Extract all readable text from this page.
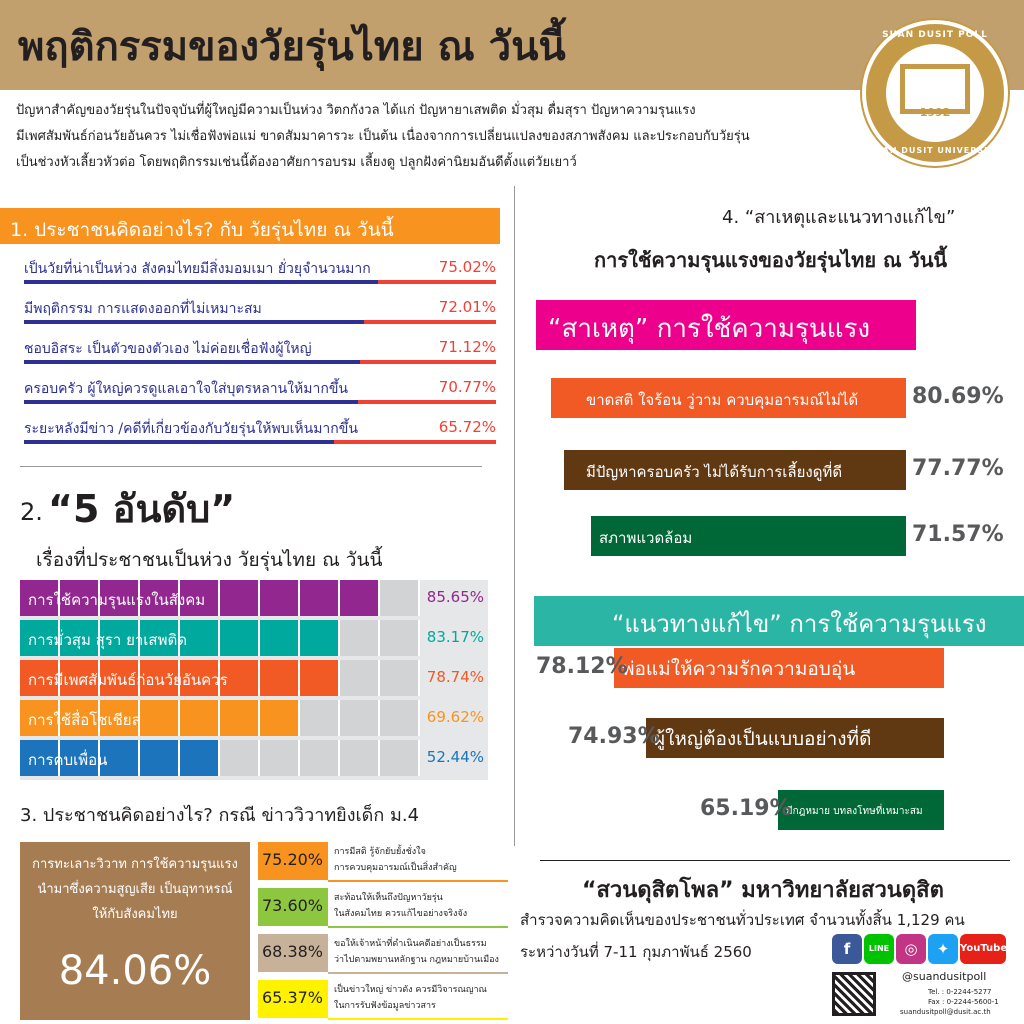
พฤติกรรมของวัยรุ่นไทย ณ วันนี้	SUAN DUSIT POLL
1992
SUAN DUSIT UNIVERSITY
ปัญหาสำคัญของวัยรุ่นในปัจจุบันที่ผู้ใหญ่มีความเป็นห่วง วิตกกังวล ได้แก่ ปัญหายาเสพติด มั่วสุม ดื่มสุรา ปัญหาความรุนแรง
มีเพศสัมพันธ์ก่อนวัยอันควร ไม่เชื่อฟังพ่อแม่ ขาดสัมมาคารวะ เป็นต้น เนื่องจากการเปลี่ยนแปลงของสภาพสังคม และประกอบกับวัยรุ่น
เป็นช่วงหัวเลี้ยวหัวต่อ โดยพฤติกรรมเช่นนี้ต้องอาศัยการอบรม เลี้ยงดู ปลูกฝังค่านิยมอันดีตั้งแต่วัยเยาว์
1. ประชาชนคิดอย่างไร? กับ วัยรุ่นไทย ณ วันนี้
เป็นวัยที่น่าเป็นห่วง สังคมไทยมีสิ่งมอมเมา ยั่วยุจำนวนมาก	75.02%
มีพฤติกรรม การแสดงออกที่ไม่เหมาะสม	72.01%
ชอบอิสระ เป็นตัวของตัวเอง ไม่ค่อยเชื่อฟังผู้ใหญ่	71.12%
ครอบครัว ผู้ใหญ่ควรดูแลเอาใจใส่บุตรหลานให้มากขึ้น	70.77%
ระยะหลังมีข่าว /คดีที่เกี่ยวข้องกับวัยรุ่นให้พบเห็นมากขึ้น	65.72%
2. “5 อันดับ”
เรื่องที่ประชาชนเป็นห่วง วัยรุ่นไทย ณ วันนี้
การใช้ความรุนแรงในสังคม	85.65%
การมั่วสุม สุรา ยาเสพติด	83.17%
การมีเพศสัมพันธ์ก่อนวัยอันควร	78.74%
การใช้สื่อโซเชียล	69.62%
การคบเพื่อน	52.44%
3. ประชาชนคิดอย่างไร? กรณี ข่าววิวาทยิงเด็ก ม.4
การทะเลาะวิวาท การใช้ความรุนแรง
นำมาซึ่งความสูญเสีย เป็นอุทาหรณ์
ให้กับสังคมไทย
84.06%
75.20%	การมีสติ รู้จักยับยั้งชั่งใจ
การควบคุมอารมณ์เป็นสิ่งสำคัญ
73.60%	สะท้อนให้เห็นถึงปัญหาวัยรุ่น
ในสังคมไทย ควรแก้ไขอย่างจริงจัง
68.38%	ขอให้เจ้าหน้าที่ดำเนินคดีอย่างเป็นธรรม
ว่าไปตามพยานหลักฐาน กฎหมายบ้านเมือง
65.37%	เป็นข่าวใหญ่ ข่าวดัง ควรมีวิจารณญาณ
ในการรับฟังข้อมูลข่าวสาร
4. “สาเหตุและแนวทางแก้ไข”
การใช้ความรุนแรงของวัยรุ่นไทย ณ วันนี้
“สาเหตุ” การใช้ความรุนแรง
ขาดสติ ใจร้อน วู่วาม ควบคุมอารมณ์ไม่ได้ 80.69%
มีปัญหาครอบครัว ไม่ได้รับการเลี้ยงดูที่ดี	77.77%
สภาพแวดล้อม	71.57%
“แนวทางแก้ไข” การใช้ความรุนแรง
พ่อแม่ให้ความรักความอบอุ่น
78.12%
ผู้ใหญ่ต้องเป็นแบบอย่างที่ดี
74.93%
มีกฎหมาย บทลงโทษที่เหมาะสม
65.19%
“สวนดุสิตโพล” มหาวิทยาลัยสวนดุสิต
สำรวจความคิดเห็นของประชาชนทั่วประเทศ จำนวนทั้งสิ้น 1,129 คน
ระหว่างวันที่ 7-11 กุมภาพันธ์ 2560	f	LINE	◎	✦	YouTube
@suandusitpoll
Tel. : 0-2244-5277
Fax : 0-2244-5600-1
suandusitpoll@dusit.ac.th
